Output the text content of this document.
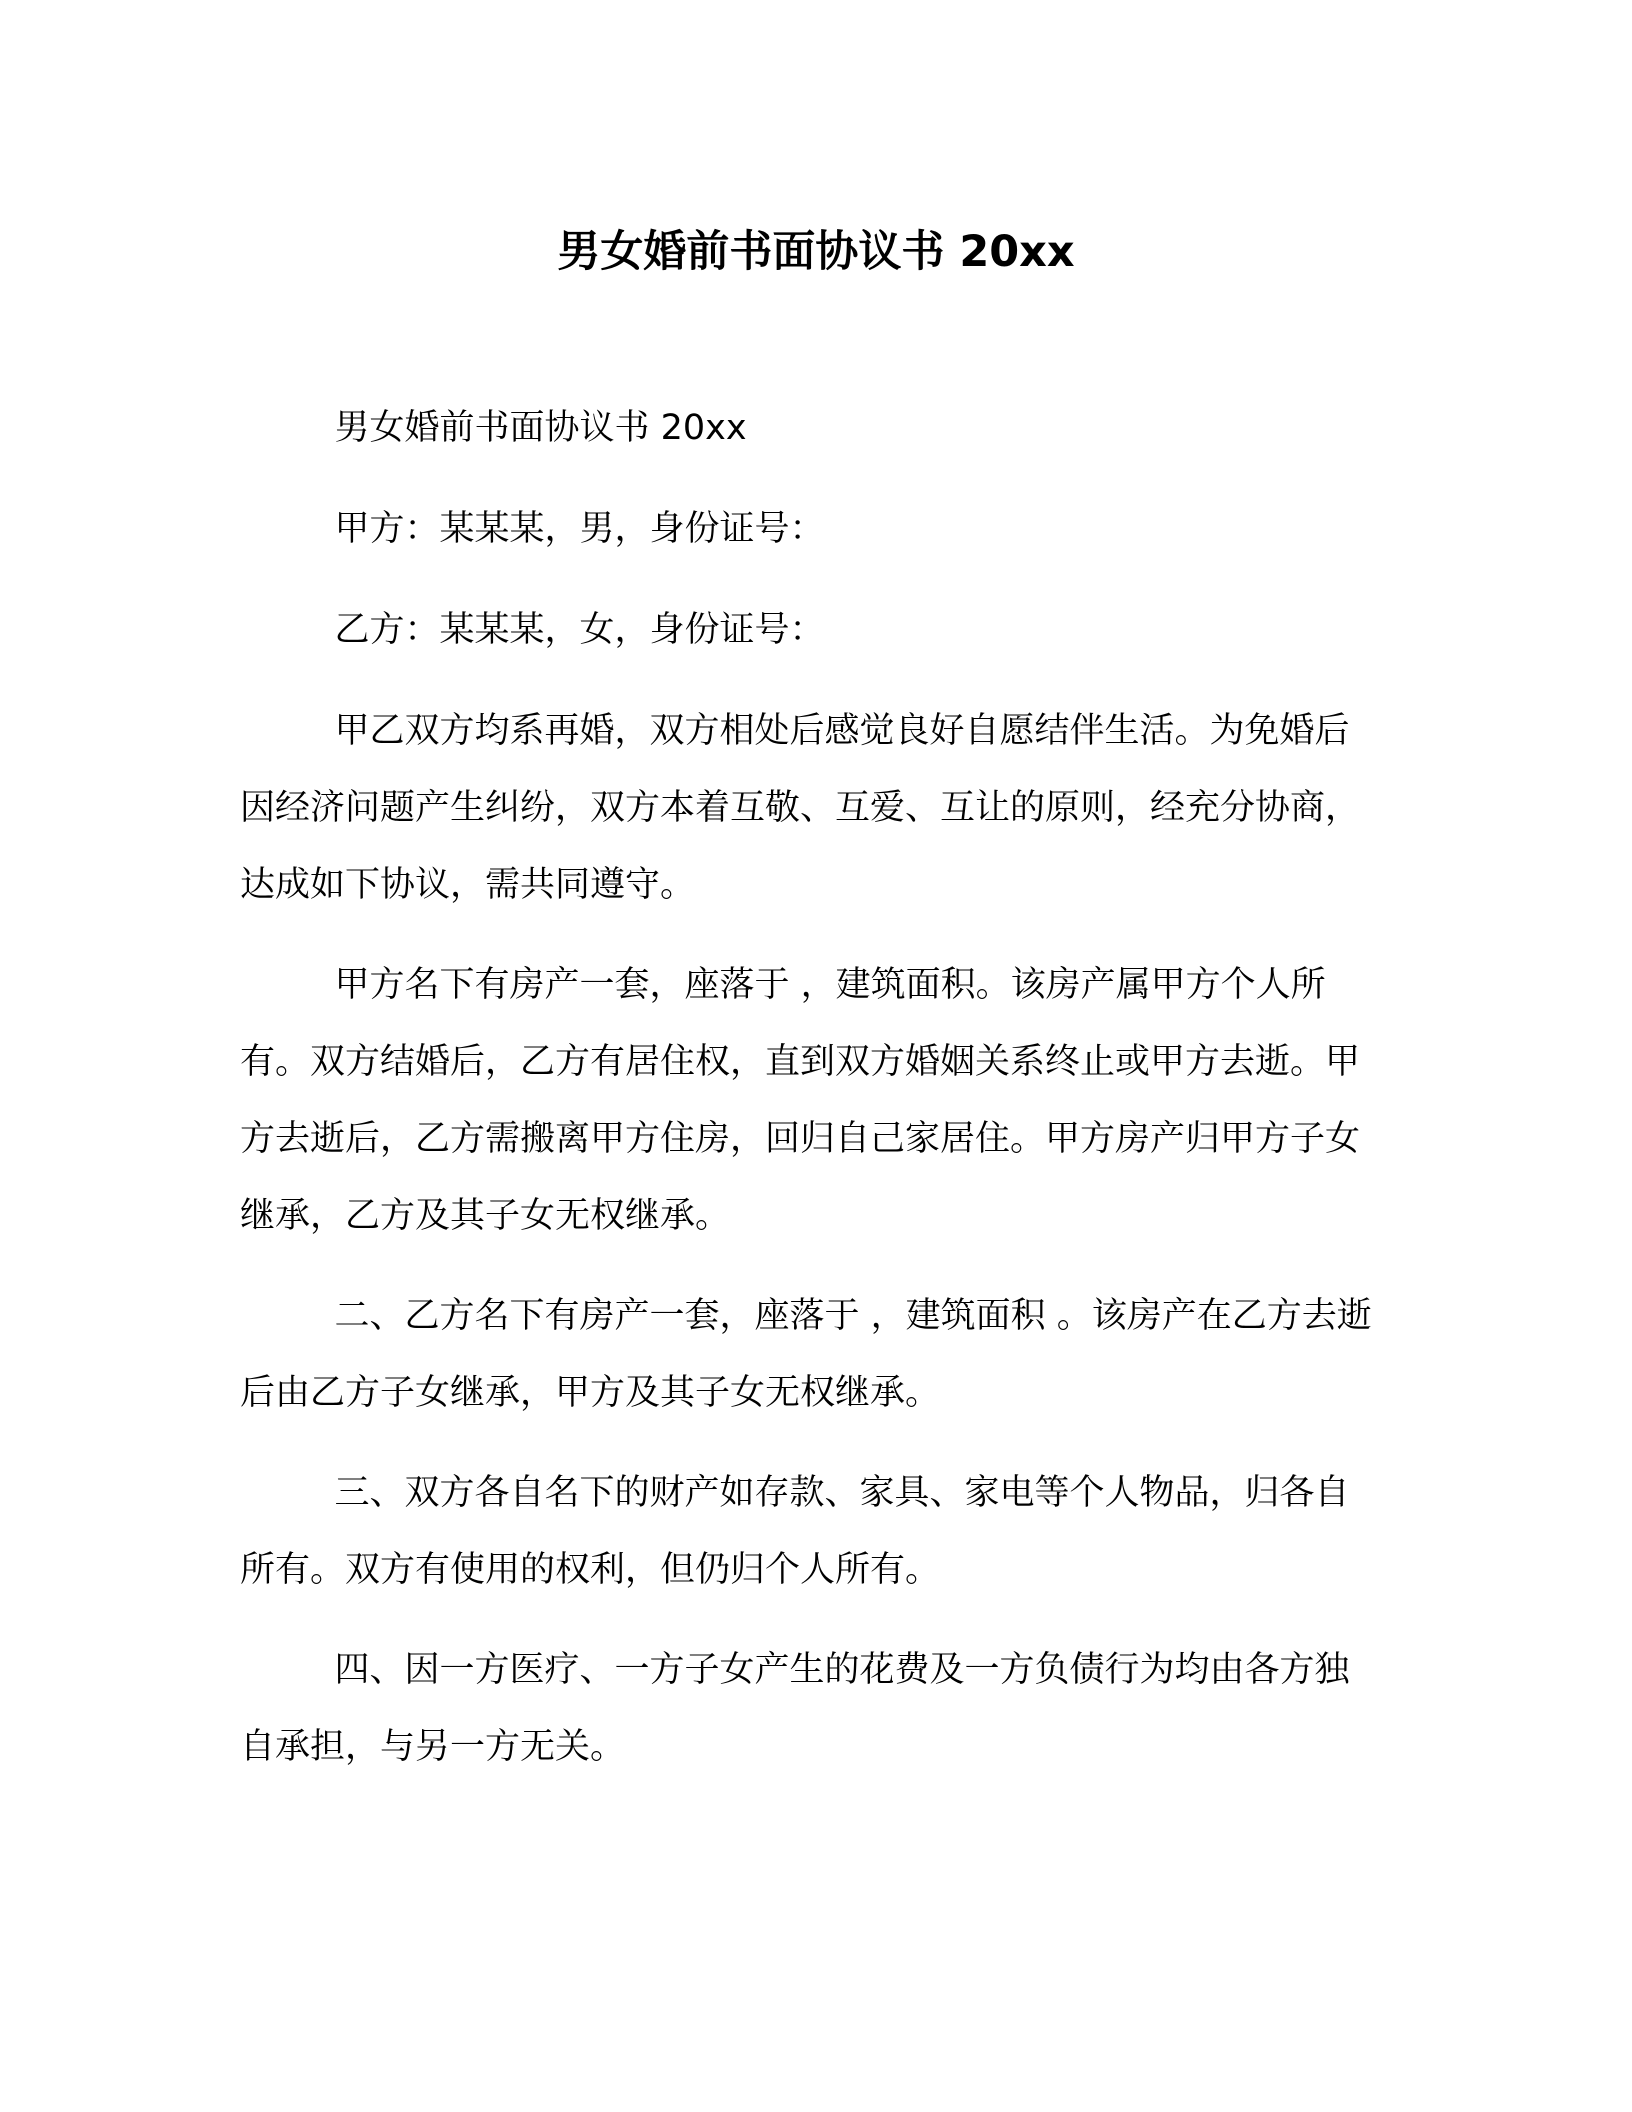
男女婚前书面协议书 20xx

男女婚前书面协议书 20xx

甲方：某某某，男，身份证号：

乙方：某某某，女，身份证号：

甲乙双方均系再婚，双方相处后感觉良好自愿结伴生活。为免婚后因经济问题产生纠纷，双方本着互敬、互爱、互让的原则，经充分协商，达成如下协议，需共同遵守。

甲方名下有房产一套，座落于 ，建筑面积。该房产属甲方个人所有。双方结婚后，乙方有居住权，直到双方婚姻关系终止或甲方去逝。甲方去逝后，乙方需搬离甲方住房，回归自己家居住。甲方房产归甲方子女继承，乙方及其子女无权继承。

二、乙方名下有房产一套，座落于 ，建筑面积 。该房产在乙方去逝后由乙方子女继承，甲方及其子女无权继承。

三、双方各自名下的财产如存款、家具、家电等个人物品，归各自所有。双方有使用的权利，但仍归个人所有。

四、因一方医疗、一方子女产生的花费及一方负债行为均由各方独自承担，与另一方无关。
